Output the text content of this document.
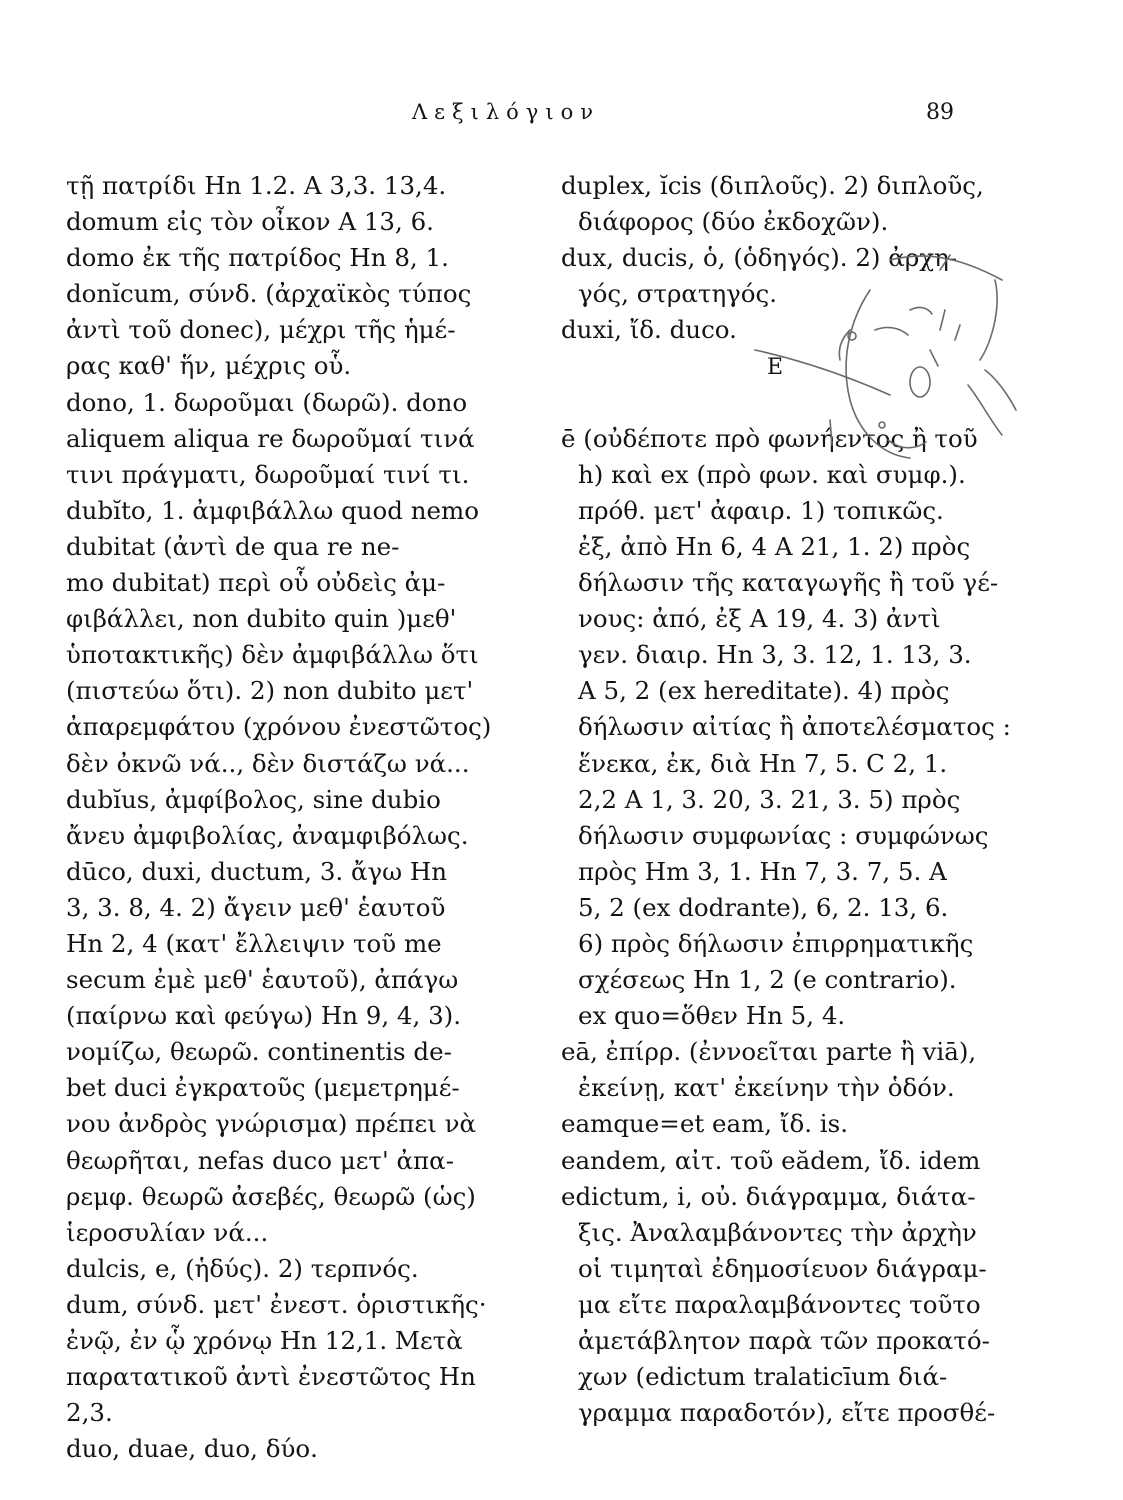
Λεξιλόγιον	89
τῇ πατρίδι Hn 1.2. A 3,3. 13,4.
domum εἰς τὸν οἶκον A 13, 6.
domo ἐκ τῆς πατρίδος Hn 8, 1.
donĭcum, σύνδ. (ἀρχαϊκὸς τύπος
ἀντὶ τοῦ donec), μέχρι τῆς ἡμέ-
ρας καθ' ἥν, μέχρις οὗ.
dono, 1. δωροῦμαι (δωρῶ). dono
aliquem aliqua re δωροῦμαί τινά
τινι πράγματι, δωροῦμαί τινί τι.
dubĭto, 1. ἀμφιβάλλω quod nemo
dubitat (ἀντὶ de qua re ne-
mo dubitat) περὶ οὗ οὐδεὶς ἀμ-
φιβάλλει, non dubito quin )μεθ'
ὑποτακτικῆς) δὲν ἀμφιβάλλω ὅτι
(πιστεύω ὅτι). 2) non dubito μετ'
ἀπαρεμφάτου (χρόνου ἐνεστῶτος)
δὲν ὀκνῶ νά.., δὲν διστάζω νά...
dubĭus, ἀμφίβολος, sine dubio
ἄνευ ἀμφιβολίας, ἀναμφιβόλως.
dūco, duxi, ductum, 3. ἄγω Hn
3, 3. 8, 4. 2) ἄγειν μεθ' ἑαυτοῦ
Hn 2, 4 (κατ' ἔλλειψιν τοῦ me
secum ἐμὲ μεθ' ἑαυτοῦ), ἀπάγω
(παίρνω καὶ φεύγω) Hn 9, 4, 3).
νομίζω, θεωρῶ. continentis de-
bet duci ἐγκρατοῦς (μεμετρημέ-
νου ἀνδρὸς γνώρισμα) πρέπει νὰ
θεωρῆται, nefas duco μετ' ἀπα-
ρεμφ. θεωρῶ ἀσεβές, θεωρῶ (ὡς)
ἱεροσυλίαν νά...
dulcis, e, (ἡδύς). 2) τερπνός.
dum, σύνδ. μετ' ἐνεστ. ὁριστικῆς·
ἐνῷ, ἐν ᾧ χρόνῳ Hn 12,1. Μετὰ
παρατατικοῦ ἀντὶ ἐνεστῶτος Hn
2,3.
duo, duae, duo, δύο.
duplex, ĭcis (διπλοῦς). 2) διπλοῦς,
διάφορος (δύο ἐκδοχῶν).
dux, ducis, ὁ, (ὁδηγός). 2) ἀρχη-
γός, στρατηγός.
duxi, ἴδ. duco.
E
ē (οὐδέποτε πρὸ φωνήεντος ἢ τοῦ
h) καὶ ex (πρὸ φων. καὶ συμφ.).
πρόθ. μετ' ἀφαιρ. 1) τοπικῶς.
ἐξ, ἀπὸ Hn 6, 4 A 21, 1. 2) πρὸς
δήλωσιν τῆς καταγωγῆς ἢ τοῦ γέ-
νους: ἀπό, ἐξ A 19, 4. 3) ἀντὶ
γεν. διαιρ. Hn 3, 3. 12, 1. 13, 3.
A 5, 2 (ex hereditate). 4) πρὸς
δήλωσιν αἰτίας ἢ ἀποτελέσματος :
ἕνεκα, ἐκ, διὰ Hn 7, 5. C 2, 1.
2,2 A 1, 3. 20, 3. 21, 3. 5) πρὸς
δήλωσιν συμφωνίας : συμφώνως
πρὸς Hm 3, 1. Hn 7, 3. 7, 5. A
5, 2 (ex dodrante), 6, 2. 13, 6.
6) πρὸς δήλωσιν ἐπιρρηματικῆς
σχέσεως Hn 1, 2 (e contrario).
ex quo=ὅθεν Hn 5, 4.
eā, ἐπίρρ. (ἐννοεῖται parte ἢ viā),
ἐκείνῃ, κατ' ἐκείνην τὴν ὁδόν.
eamque=et eam, ἴδ. is.
eandem, αἰτ. τοῦ eădem, ἴδ. idem
edictum, i, οὐ. διάγραμμα, διάτα-
ξις. Ἀναλαμβάνοντες τὴν ἀρχὴν
οἱ τιμηταὶ ἐδημοσίευον διάγραμ-
μα εἴτε παραλαμβάνοντες τοῦτο
ἀμετάβλητον παρὰ τῶν προκατό-
χων (edictum tralaticīum διά-
γραμμα παραδοτόν), εἴτε προσθέ-
